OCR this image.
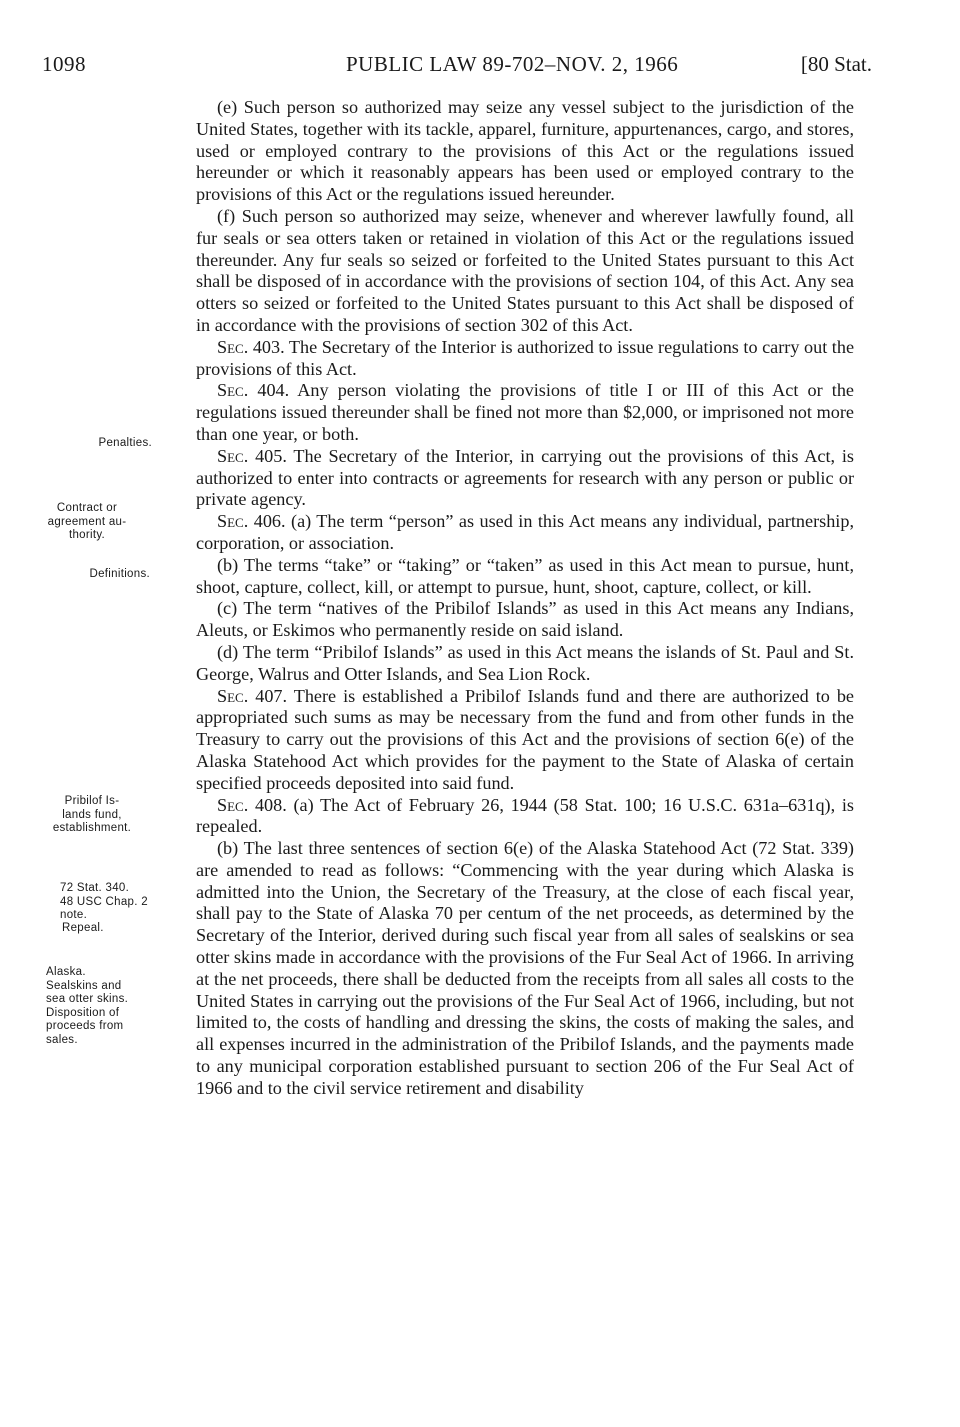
1098	PUBLIC LAW 89-702–NOV. 2, 1966	[80 Stat.
Penalties.
Contract or
agreement au-
thority.
Definitions.
Pribilof Is-
lands fund,
establishment.
72 Stat. 340.
48 USC Chap. 2
note.
Repeal.
Alaska.
Sealskins and
sea otter skins.
Disposition of
proceeds from
sales.

(e) Such person so authorized may seize any vessel subject to the jurisdiction of the United States, together with its tackle, apparel, furniture, appurtenances, cargo, and stores, used or employed contrary to the provisions of this Act or the regulations issued hereunder or which it reasonably appears has been used or employed contrary to the provisions of this Act or the regulations issued hereunder.

(f) Such person so authorized may seize, whenever and wherever lawfully found, all fur seals or sea otters taken or retained in violation of this Act or the regulations issued thereunder. Any fur seals so seized or forfeited to the United States pursuant to this Act shall be disposed of in accordance with the provisions of section 104, of this Act. Any sea otters so seized or forfeited to the United States pursuant to this Act shall be disposed of in accordance with the provisions of section 302 of this Act.

Sec. 403. The Secretary of the Interior is authorized to issue regulations to carry out the provisions of this Act.

Sec. 404. Any person violating the provisions of title I or III of this Act or the regulations issued thereunder shall be fined not more than $2,000, or imprisoned not more than one year, or both.

Sec. 405. The Secretary of the Interior, in carrying out the provisions of this Act, is authorized to enter into contracts or agreements for research with any person or public or private agency.

Sec. 406. (a) The term “person” as used in this Act means any individual, partnership, corporation, or association.

(b) The terms “take” or “taking” or “taken” as used in this Act mean to pursue, hunt, shoot, capture, collect, kill, or attempt to pursue, hunt, shoot, capture, collect, or kill.

(c) The term “natives of the Pribilof Islands” as used in this Act means any Indians, Aleuts, or Eskimos who permanently reside on said island.

(d) The term “Pribilof Islands” as used in this Act means the islands of St. Paul and St. George, Walrus and Otter Islands, and Sea Lion Rock.

Sec. 407. There is established a Pribilof Islands fund and there are authorized to be appropriated such sums as may be necessary from the fund and from other funds in the Treasury to carry out the provisions of this Act and the provisions of section 6(e) of the Alaska Statehood Act which provides for the payment to the State of Alaska of certain specified proceeds deposited into said fund.

Sec. 408. (a) The Act of February 26, 1944 (58 Stat. 100; 16 U.S.C. 631a–631q), is repealed.

(b) The last three sentences of section 6(e) of the Alaska Statehood Act (72 Stat. 339) are amended to read as follows: “Commencing with the year during which Alaska is admitted into the Union, the Secretary of the Treasury, at the close of each fiscal year, shall pay to the State of Alaska 70 per centum of the net proceeds, as determined by the Secretary of the Interior, derived during such fiscal year from all sales of sealskins or sea otter skins made in accordance with the provisions of the Fur Seal Act of 1966. In arriving at the net proceeds, there shall be deducted from the receipts from all sales all costs to the United States in carrying out the provisions of the Fur Seal Act of 1966, including, but not limited to, the costs of handling and dressing the skins, the costs of making the sales, and all expenses incurred in the administration of the Pribilof Islands, and the payments made to any municipal corporation established pursuant to section 206 of the Fur Seal Act of 1966 and to the civil service retirement and disability
